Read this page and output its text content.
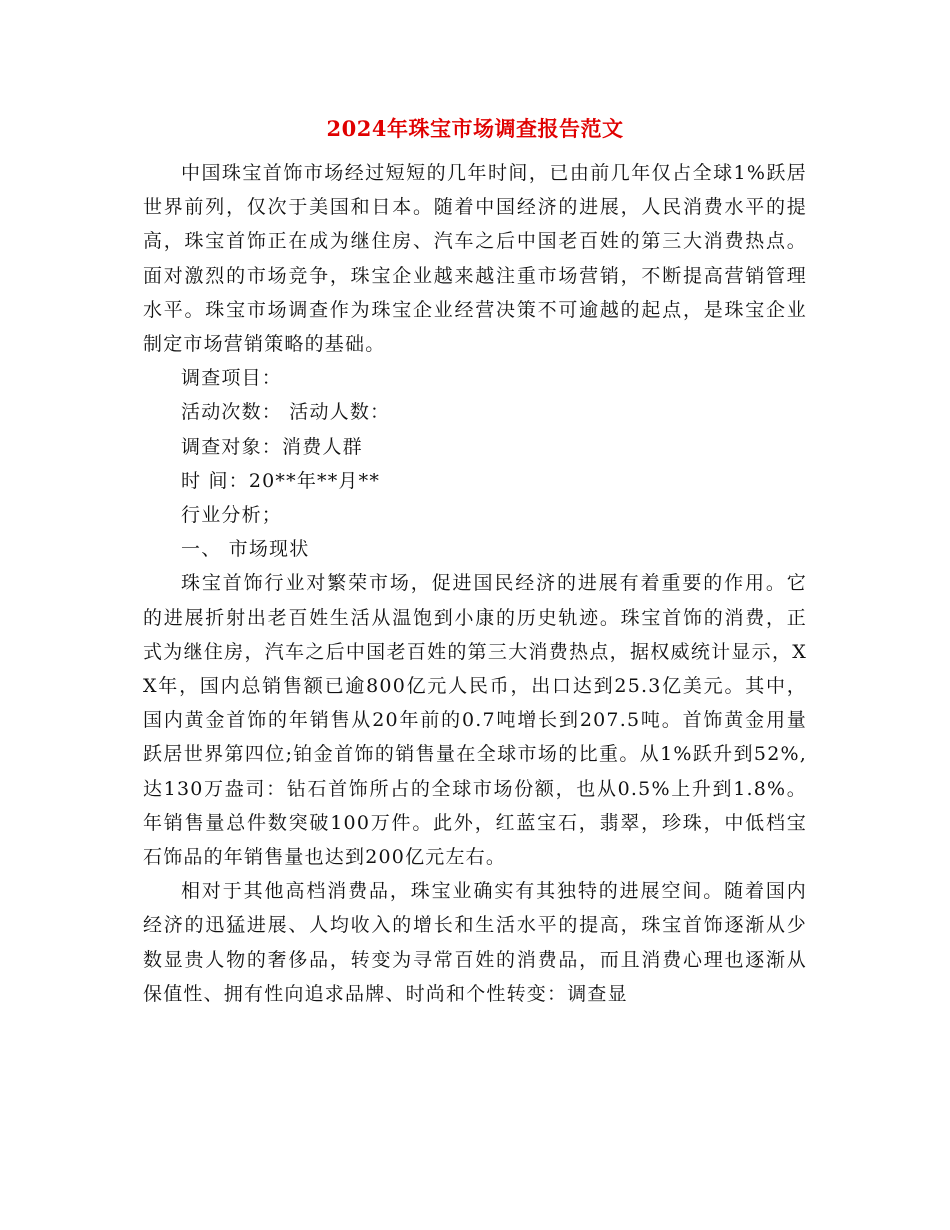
2024年珠宝市场调查报告范文

中国珠宝首饰市场经过短短的几年时间，已由前几年仅占全球1%跃居世界前列，仅次于美国和日本。随着中国经济的进展，人民消费水平的提高，珠宝首饰正在成为继住房、汽车之后中国老百姓的第三大消费热点。面对激烈的市场竞争，珠宝企业越来越注重市场营销，不断提高营销管理水平。珠宝市场调查作为珠宝企业经营决策不可逾越的起点，是珠宝企业制定市场营销策略的基础。

调查项目：

活动次数： 活动人数：

调查对象：消费人群

时 间：20**年**月**

行业分析；

一、 市场现状

珠宝首饰行业对繁荣市场，促进国民经济的进展有着重要的作用。它的进展折射出老百姓生活从温饱到小康的历史轨迹。珠宝首饰的消费，正式为继住房，汽车之后中国老百姓的第三大消费热点，据权威统计显示，XX年，国内总销售额已逾800亿元人民币，出口达到25.3亿美元。其中，国内黄金首饰的年销售从20年前的0.7吨增长到207.5吨。首饰黄金用量跃居世界第四位;铂金首饰的销售量在全球市场的比重。从1%跃升到52%,达130万盎司：钻石首饰所占的全球市场份额，也从0.5%上升到1.8%。年销售量总件数突破100万件。此外，红蓝宝石，翡翠，珍珠，中低档宝石饰品的年销售量也达到200亿元左右。

相对于其他高档消费品，珠宝业确实有其独特的进展空间。随着国内经济的迅猛进展、人均收入的增长和生活水平的提高，珠宝首饰逐渐从少数显贵人物的奢侈品，转变为寻常百姓的消费品，而且消费心理也逐渐从保值性、拥有性向追求品牌、时尚和个性转变：调查显
